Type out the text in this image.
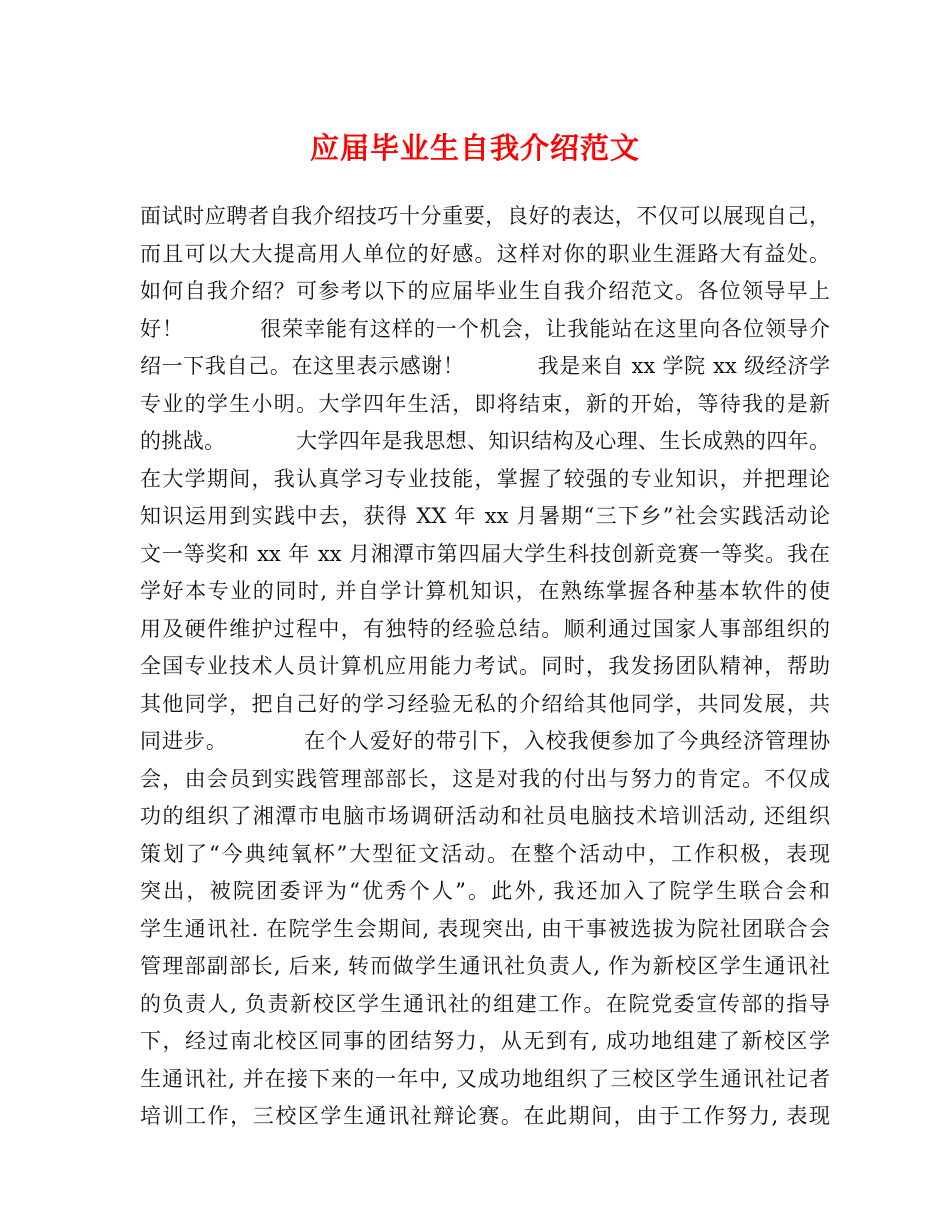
应届毕业生自我介绍范文
面试时应聘者自我介绍技巧十分重要，良好的表达，不仅可以展现自己，
而且可以大大提高用人单位的好感。这样对你的职业生涯路大有益处。
如何自我介绍？可参考以下的应届毕业生自我介绍范文。各位领导早上
好！          很荣幸能有这样的一个机会，让我能站在这里向各位领导介
绍一下我自己。在这里表示感谢！          我是来自 xx 学院 xx 级经济学
专业的学生小明。大学四年生活，即将结束，新的开始，等待我的是新
的挑战。          大学四年是我思想、知识结构及心理、生长成熟的四年。
在大学期间，我认真学习专业技能，掌握了较强的专业知识，并把理论
知识运用到实践中去，获得 XX 年 xx 月暑期“三下乡”社会实践活动论
文一等奖和 xx 年 xx 月湘潭市第四届大学生科技创新竞赛一等奖。我在
学好本专业的同时, 并自学计算机知识，在熟练掌握各种基本软件的使
用及硬件维护过程中，有独特的经验总结。顺利通过国家人事部组织的
全国专业技术人员计算机应用能力考试。同时，我发扬团队精神，帮助
其他同学，把自己好的学习经验无私的介绍给其他同学，共同发展，共
同进步。          在个人爱好的带引下，入校我便参加了今典经济管理协
会，由会员到实践管理部部长，这是对我的付出与努力的肯定。不仅成
功的组织了湘潭市电脑市场调研活动和社员电脑技术培训活动, 还组织
策划了“今典纯氧杯”大型征文活动。在整个活动中，工作积极，表现
突出，被院团委评为“优秀个人”。此外, 我还加入了院学生联合会和
学生通讯社. 在院学生会期间, 表现突出, 由干事被选拔为院社团联合会
管理部副部长, 后来, 转而做学生通讯社负责人, 作为新校区学生通讯社
的负责人, 负责新校区学生通讯社的组建工作。在院党委宣传部的指导
下，经过南北校区同事的团结努力，从无到有, 成功地组建了新校区学
生通讯社, 并在接下来的一年中, 又成功地组织了三校区学生通讯社记者
培训工作，三校区学生通讯社辩论赛。在此期间，由于工作努力, 表现
